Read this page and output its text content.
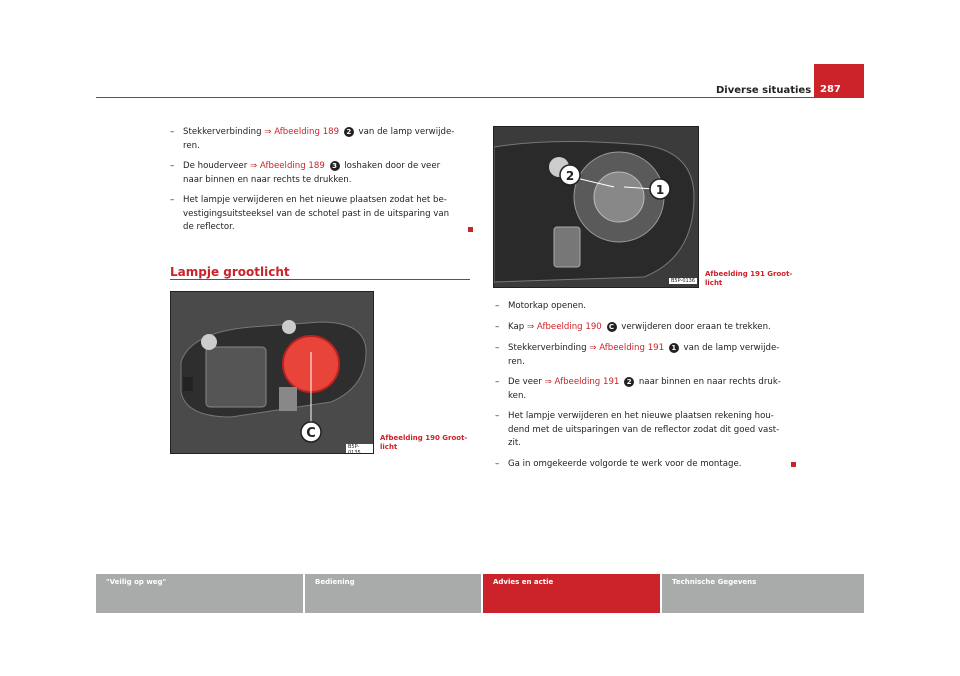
Diverse situaties 287
–	Stekkerverbinding ⇒ Afbeelding 189 2 van de lamp verwijde-
ren.
–	De houderveer ⇒ Afbeelding 189 3 loshaken door de veer
naar binnen en naar rechts te drukken.
–	Het lampje verwijderen en het nieuwe plaatsen zodat het be-
vestigingsuitsteeksel van de schotel past in de uitsparing van
de reflector.
Lampje grootlicht
C
B5P-0135
Afbeelding 190 Groot-
licht
2
1
B5P-0136
Afbeelding 191 Groot-
licht
–	Motorkap openen.
–	Kap ⇒ Afbeelding 190 C verwijderen door eraan te trekken.
–	Stekkerverbinding ⇒ Afbeelding 191 1 van de lamp verwijde-
ren.
–	De veer ⇒ Afbeelding 191 2 naar binnen en naar rechts druk-
ken.
–	Het lampje verwijderen en het nieuwe plaatsen rekening hou-
dend met de uitsparingen van de reflector zodat dit goed vast-
zit.
–	Ga in omgekeerde volgorde te werk voor de montage.
"Veilig op weg"	Bediening	Advies en actie	Technische Gegevens
